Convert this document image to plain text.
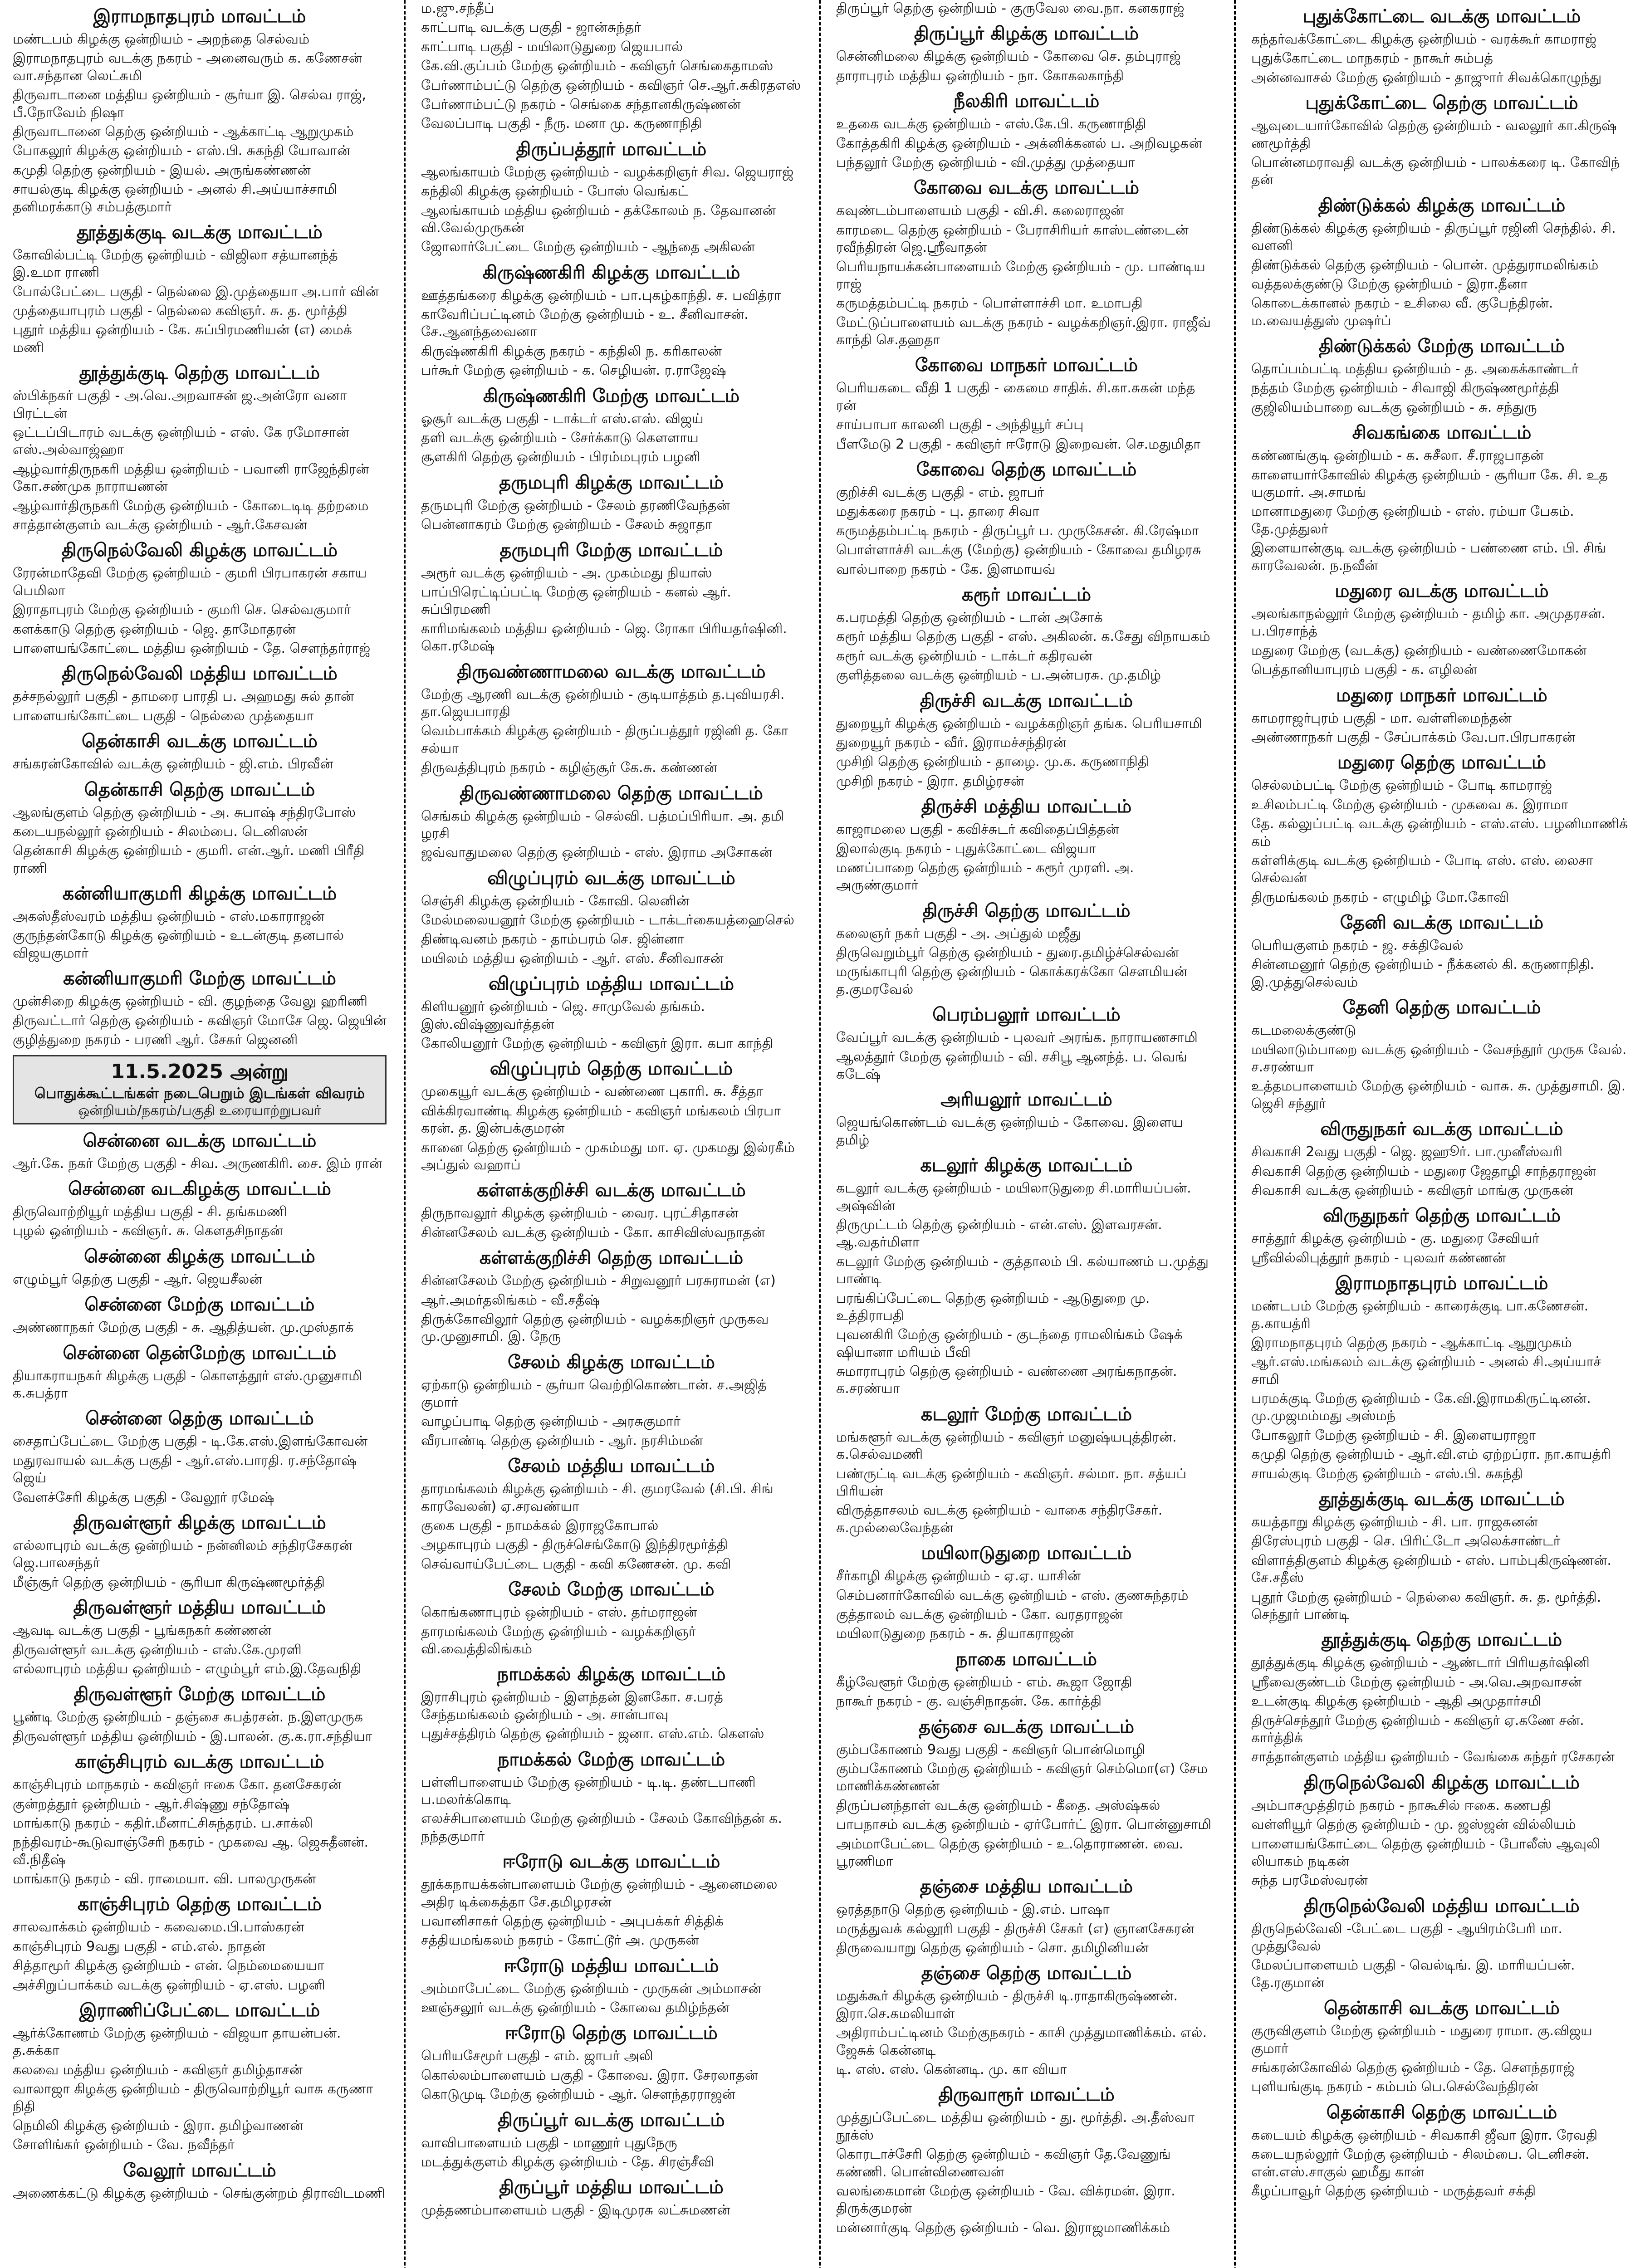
இராமநாதபுரம் மாவட்டம்
மண்டபம் கிழக்கு ஒன்றியம் - அறந்தை செல்வம்
இராமநாதபுரம் வடக்கு நகரம் - அனைவரும் க. கணேசன் வா.சந்தான லெட்சுமி
திருவாடானை மத்திய ஒன்றியம் - சூர்யா இ. செல்வ ராஜ், பீ.நோவேம் நிஷா
திருவாடானை தெற்கு ஒன்றியம் - ஆக்காட்டி ஆறுமுகம்
போகலூர் கிழக்கு ஒன்றியம் - எஸ்.பி. சுகந்தி யோவான்
கமுதி தெற்கு ஒன்றியம் - இயல். அருங்கண்ணன்
சாயல்குடி கிழக்கு ஒன்றியம் - அனல் சி.அய்யாச்சாமி தனிமரக்காடு சம்பத்குமார்
தூத்துக்குடி வடக்கு மாவட்டம்
கோவில்பட்டி மேற்கு ஒன்றியம் - விஜிலா சத்யானந்த் இ.உமா ராணி
போல்பேட்டை பகுதி - நெல்லை இ.முத்தையா அ.பார் வின்
முத்தையாபுரம் பகுதி - நெல்லை கவிஞர். சு. த. மூர்த்தி
புதூர் மத்திய ஒன்றியம் - கே. சுப்பிரமணியன் (எ) மைக் மணி
தூத்துக்குடி தெற்கு மாவட்டம்
ஸ்பிக்நகர் பகுதி - அ.வெ.அறவாசன் ஜ.அன்ரோ வனா பிரட்டன்
ஒட்டப்பிடாரம் வடக்கு ஒன்றியம் - எஸ். கே ரமோசான் எஸ்.அல்வாஜ்ஹா
ஆழ்வார்திருநகரி மத்திய ஒன்றியம் - பவானி ராஜேந்திரன் கோ.சண்முக நாராயணன்
ஆழ்வார்திருநகரி மேற்கு ஒன்றியம் - கோடைடிடி தற்றமை
சாத்தான்குளம் வடக்கு ஒன்றியம் - ஆர்.கேசவன்
திருநெல்வேலி கிழக்கு மாவட்டம்
ரேரன்மாதேவி மேற்கு ஒன்றியம் - குமரி பிரபாகரன் சகாய பெமிலா
இராதாபுரம் மேற்கு ஒன்றியம் - குமரி செ. செல்வகுமார்
களக்காடு தெற்கு ஒன்றியம் - ஜெ. தாமோதரன்
பாளையங்கோட்டை மத்திய ஒன்றியம் - தே. சௌந்தர்ராஜ்
திருநெல்வேலி மத்திய மாவட்டம்
தச்சநல்லூர் பகுதி - தாமரை பாரதி ப. அஹமது சுல் தான்
பாளையங்கோட்டை பகுதி - நெல்லை முத்தையா
தென்காசி வடக்கு மாவட்டம்
சங்கரன்கோவில் வடக்கு ஒன்றியம் - ஜி.எம். பிரவீன்
தென்காசி தெற்கு மாவட்டம்
ஆலங்குளம் தெற்கு ஒன்றியம் - அ. சுபாஷ் சந்திரபோஸ்
கடையநல்லூர் ஒன்றியம் - சிலம்பை. டெனிஸன்
தென்காசி கிழக்கு ஒன்றியம் - குமரி. என்.ஆர். மணி பிரீதி ராணி
கன்னியாகுமரி கிழக்கு மாவட்டம்
அகஸ்தீஸ்வரம் மத்திய ஒன்றியம் - எஸ்.மகாராஜன்
குருந்தன்கோடு கிழக்கு ஒன்றியம் - உடன்குடி தனபால் விஜயகுமார்
கன்னியாகுமரி மேற்கு மாவட்டம்
முன்சிறை கிழக்கு ஒன்றியம் - வி. குழந்தை வேலு ஹரிணி
திருவட்டார் தெற்கு ஒன்றியம் - கவிஞர் மோசே ஜெ. ஜெயின்
குழித்துறை நகரம் - பரணி ஆர். சேகர் ஜெனனி
11.5.2025 அன்று
பொதுக்கூட்டங்கள் நடைபெறும் இடங்கள் விவரம்
ஒன்றியம்/நகரம்/பகுதி உரையாற்றுபவர்
சென்னை வடக்கு மாவட்டம்
ஆர்.கே. நகர் மேற்கு பகுதி - சிவ. அருணகிரி. சை. இம் ரான்
சென்னை வடகிழக்கு மாவட்டம்
திருவொற்றியூர் மத்திய பகுதி - சி. தங்கமணி
புழல் ஒன்றியம் - கவிஞர். சு. கௌதசிநாதன்
சென்னை கிழக்கு மாவட்டம்
எழும்பூர் தெற்கு பகுதி - ஆர். ஜெயசீலன்
சென்னை மேற்கு மாவட்டம்
அண்ணாநகர் மேற்கு பகுதி - சு. ஆதித்யன். மு.முஸ்தாக்
சென்னை தென்மேற்கு மாவட்டம்
தியாகராயநகர் கிழக்கு பகுதி - கொளத்தூர் எஸ்.முனுசாமி க.சுபத்ரா
சென்னை தெற்கு மாவட்டம்
சைதாப்பேட்டை மேற்கு பகுதி - டி.கே.எஸ்.இளங்கோவன்
மதுரவாயல் வடக்கு பகுதி - ஆர்.எஸ்.பாரதி. ர.சந்தோஷ் ஜெய்
வேளச்சேரி கிழக்கு பகுதி - வேலூர் ரமேஷ்
திருவள்ளூர் கிழக்கு மாவட்டம்
எல்லாபுரம் வடக்கு ஒன்றியம் - நன்னிலம் சந்திரசேகரன் ஜெ.பாலசந்தர்
மீஞ்சூர் தெற்கு ஒன்றியம் - சூரியா கிருஷ்ணமூர்த்தி
திருவள்ளூர் மத்திய மாவட்டம்
ஆவடி வடக்கு பகுதி - பூங்கநகர் கண்ணன்
திருவள்ளூர் வடக்கு ஒன்றியம் - எஸ்.கே.முரளி
எல்லாபுரம் மத்திய ஒன்றியம் - எழும்பூர் எம்.இ.தேவநிதி
திருவள்ளூர் மேற்கு மாவட்டம்
பூண்டி மேற்கு ஒன்றியம் - தஞ்சை சுபத்ரசன். ந.இளமுருக
திருவள்ளூர் மத்திய ஒன்றியம் - இ.பாலன். கு.க.ரா.சந்தியா
காஞ்சிபுரம் வடக்கு மாவட்டம்
காஞ்சிபுரம் மாநகரம் - கவிஞர் ஈகை கோ. தனசேகரன்
குன்றத்தூர் ஒன்றியம் - ஆர்.சிஷ்ணு சந்தோஷ்
மாங்காடு நகரம் - கதிர்.மீனாட்சிசுந்தரம். ப.சாக்லி
நந்திவரம்-கூடுவாஞ்சேரி நகரம் - முகவை ஆ. ஜெசுதீனன். வீ.நிதீஷ்
மாங்காடு நகரம் - வி. ராமையா. வி. பாலமுருகன்
காஞ்சிபுரம் தெற்கு மாவட்டம்
சாலவாக்கம் ஒன்றியம் - கவைமை.பி.பாஸ்கரன்
காஞ்சிபுரம் 9வது பகுதி - எம்.எல். நாதன்
சித்தாமூர் கிழக்கு ஒன்றியம் - என். நெம்மையையா
அச்சிறுப்பாக்கம் வடக்கு ஒன்றியம் - ஏ.எஸ். பழனி
இராணிப்பேட்டை மாவட்டம்
ஆர்க்கோணம் மேற்கு ஒன்றியம் - விஜயா தாயன்பன். த.சுக்கா
கலவை மத்திய ஒன்றியம் - கவிஞர் தமிழ்தாசன்
வாலாஜா கிழக்கு ஒன்றியம் - திருவொற்றியூர் வாசு கருணா நிதி
நெமிலி கிழக்கு ஒன்றியம் - இரா. தமிழ்வாணன்
சோளிங்கர் ஒன்றியம் - வே. நவீந்தர்
வேலூர் மாவட்டம்
அணைக்கட்டு கிழக்கு ஒன்றியம் - செங்குன்றம் திராவிடமணி
ம.ஜு.சந்தீப்
காட்பாடி வடக்கு பகுதி - ஜான்சுந்தர்
காட்பாடி பகுதி - மயிலாடுதுறை ஜெயபால்
கே.வி.குப்பம் மேற்கு ஒன்றியம் - கவிஞர் செங்கைதாமஸ்
பேர்ணாம்பட்டு தெற்கு ஒன்றியம் - கவிஞர் செ.ஆர்.சுகிரதஎஸ்
பேர்ணாம்பட்டு நகரம் - செங்கை சந்தானகிருஷ்ணன்
வேலப்பாடி பகுதி - நீரு. மனா மு. கருணாநிதி
திருப்பத்தூர் மாவட்டம்
ஆலங்காயம் மேற்கு ஒன்றியம் - வழக்கறிஞர் சிவ. ஜெயராஜ்
கந்திலி கிழக்கு ஒன்றியம் - போஸ் வெங்கட்
ஆலங்காயம் மத்திய ஒன்றியம் - தக்கோலம் ந. தேவானன் வி.வேல்முருகன்
ஜோலார்பேட்டை மேற்கு ஒன்றியம் - ஆந்தை அகிலன்
கிருஷ்ணகிரி கிழக்கு மாவட்டம்
ஊத்தங்கரை கிழக்கு ஒன்றியம் - பா.புகழ்காந்தி. ச. பவித்ரா
காவேரிப்பட்டினம் மேற்கு ஒன்றியம் - உ. சீனிவாசன். சே.ஆனந்தவைனா
கிருஷ்ணகிரி கிழக்கு நகரம் - கந்திலி ந. கரிகாலன்
பர்கூர் மேற்கு ஒன்றியம் - க. செழியன். ர.ராஜேஷ்
கிருஷ்ணகிரி மேற்கு மாவட்டம்
ஓசூர் வடக்கு பகுதி - டாக்டர் எஸ்.எஸ். விஜய்
தளி வடக்கு ஒன்றியம் - சேர்க்காடு கௌளாய
சூளகிரி தெற்கு ஒன்றியம் - பிரம்மபுரம் பழனி
தருமபுரி கிழக்கு மாவட்டம்
தருமபுரி மேற்கு ஒன்றியம் - சேலம் தரணிவேந்தன்
பென்னாகரம் மேற்கு ஒன்றியம் - சேலம் சுஜாதா
தருமபுரி மேற்கு மாவட்டம்
அரூர் வடக்கு ஒன்றியம் - அ. முகம்மது நியாஸ்
பாப்பிரெட்டிப்பட்டி மேற்கு ஒன்றியம் - கனல் ஆர். சுப்பிரமணி
காரிமங்கலம் மத்திய ஒன்றியம் - ஜெ. ரோகா பிரியதர்ஷினி. கொ.ரமேஷ்
திருவண்ணாமலை வடக்கு மாவட்டம்
மேற்கு ஆரணி வடக்கு ஒன்றியம் - குடியாத்தம் த.புவியரசி. தா.ஜெயபாரதி
வெம்பாக்கம் கிழக்கு ஒன்றியம் - திருப்பத்தூர் ரஜினி த. கோ சல்யா
திருவத்திபுரம் நகரம் - கழிஞ்சூர் கே.சு. கண்ணன்
திருவண்ணாமலை தெற்கு மாவட்டம்
செங்கம் கிழக்கு ஒன்றியம் - செல்வி. பத்மப்பிரியா. அ. தமி ழரசி
ஜவ்வாதுமலை தெற்கு ஒன்றியம் - எஸ். இராம அசோகன்
விழுப்புரம் வடக்கு மாவட்டம்
செஞ்சி கிழக்கு ஒன்றியம் - கோவி. லெனின்
மேல்மலையனூர் மேற்கு ஒன்றியம் - டாக்டர்கையத்ஹைசெல்
திண்டிவனம் நகரம் - தாம்பரம் செ. ஜின்னா
மயிலம் மத்திய ஒன்றியம் - ஆர். எஸ். சீனிவாசன்
விழுப்புரம் மத்திய மாவட்டம்
கிளியனூர் ஒன்றியம் - ஜெ. சாமுவேல் தங்கம். இஸ்.விஷ்ணுவர்த்தன்
கோலியனூர் மேற்கு ஒன்றியம் - கவிஞர் இரா. கபா காந்தி
விழுப்புரம் தெற்கு மாவட்டம்
முகையூர் வடக்கு ஒன்றியம் - வண்ணை புகாரி. சு. சீத்தா
விக்கிரவாண்டி கிழக்கு ஒன்றியம் - கவிஞர் மங்கலம் பிரபா கரன். த. இன்பக்குமரன்
கானை தெற்கு ஒன்றியம் - முகம்மது மா. ஏ. முகமது இல்ரகீம் அப்துல் வஹாப்
கள்ளக்குறிச்சி வடக்கு மாவட்டம்
திருநாவலூர் கிழக்கு ஒன்றியம் - வைர. புரட்சிதாசன்
சின்னசேலம் வடக்கு ஒன்றியம் - கோ. காசிவிஸ்வநாதன்
கள்ளக்குறிச்சி தெற்கு மாவட்டம்
சின்னசேலம் மேற்கு ஒன்றியம் - சிறுவனூர் பரசுராமன் (எ)
ஆர்.அமர்தலிங்கம் - வீ.சதீஷ்
திருக்கோவிலூர் தெற்கு ஒன்றியம் - வழக்கறிஞர் முருகவ மு.முனுசாமி. இ. நேரு
சேலம் கிழக்கு மாவட்டம்
ஏற்காடு ஒன்றியம் - சூர்யா வெற்றிகொண்டான். ச.அஜித் குமார்
வாழப்பாடி தெற்கு ஒன்றியம் - அரசுகுமார்
வீரபாண்டி தெற்கு ஒன்றியம் - ஆர். நரசிம்மன்
சேலம் மத்திய மாவட்டம்
தாரமங்கலம் கிழக்கு ஒன்றியம் - சி. குமரவேல் (சி.பி. சிங் காரவேலன்) ஏ.சரவண்யா
குகை பகுதி - நாமக்கல் இராஜகோபால்
அழகாபுரம் பகுதி - திருச்செங்கோடு இந்திரமூர்த்தி
செவ்வாய்பேட்டை பகுதி - கவி கணேசன். மு. கவி
சேலம் மேற்கு மாவட்டம்
கொங்கணாபுரம் ஒன்றியம் - எஸ். தர்மராஜன்
தாரமங்கலம் மேற்கு ஒன்றியம் - வழக்கறிஞர் வி.வைத்திலிங்கம்
நாமக்கல் கிழக்கு மாவட்டம்
இராசிபுரம் ஒன்றியம் - இளந்தன் இனகோ. ச.பரத் சேந்தமங்கலம் ஒன்றியம் - அ. சான்பாவு
புதுச்சத்திரம் தெற்கு ஒன்றியம் - ஜனா. எஸ்.எம். கௌஸ்
நாமக்கல் மேற்கு மாவட்டம்
பள்ளிபாளையம் மேற்கு ஒன்றியம் - டி.டி. தண்டபாணி ப.மலர்க்கொடி
எலச்சிபாளையம் மேற்கு ஒன்றியம் - சேலம் கோவிந்தன் க. நந்தகுமார்
ஈரோடு வடக்கு மாவட்டம்
தூக்கநாயக்கன்பாளையம் மேற்கு ஒன்றியம் - ஆனைமலை அதிர டிக்கைத்தா சே.தமிழரசன்
பவானிசாகர் தெற்கு ஒன்றியம் - அபுபக்கர் சித்திக்
சத்தியமங்கலம் நகரம் - கோட்டூர் அ. முருகன்
ஈரோடு மத்திய மாவட்டம்
அம்மாபேட்டை மேற்கு ஒன்றியம் - முருகன் அம்மாசன்
ஊஞ்சலூர் வடக்கு ஒன்றியம் - கோவை தமிழ்ந்தன்
ஈரோடு தெற்கு மாவட்டம்
பெரியசேமூர் பகுதி - எம். ஜாபர் அலி
கொல்லம்பாளையம் பகுதி - கோவை. இரா. சேரலாதன்
கொடுமுடி மேற்கு ஒன்றியம் - ஆர். சௌந்தரராஜன்
திருப்பூர் வடக்கு மாவட்டம்
வாவிபாளையம் பகுதி - மாணூர் புதுநேரு
மடத்துக்குளம் கிழக்கு ஒன்றியம் - தே. சிரஞ்சீவி
திருப்பூர் மத்திய மாவட்டம்
முத்தணம்பாளையம் பகுதி - இடிமுரசு லட்சுமணன்
திருப்பூர் தெற்கு ஒன்றியம் - குருவேல வை.நா. கனகராஜ்
திருப்பூர் கிழக்கு மாவட்டம்
சென்னிமலை கிழக்கு ஒன்றியம் - கோவை செ. தம்புராஜ்
தாராபுரம் மத்திய ஒன்றியம் - நா. கோகலகாந்தி
நீலகிரி மாவட்டம்
உதகை வடக்கு ஒன்றியம் - எஸ்.கே.பி. கருணாநிதி
கோத்தகிரி கிழக்கு ஒன்றியம் - அக்னிக்கனல் ப. அறிவழகன்
பந்தலூர் மேற்கு ஒன்றியம் - வி.முத்து முத்தையா
கோவை வடக்கு மாவட்டம்
கவுண்டம்பாளையம் பகுதி - வி.சி. கலைராஜன்
காரமடை தெற்கு ஒன்றியம் - பேராசிரியர் காஸ்டண்டைன் ரவீந்திரன் ஜெ.ஸ்ரீவாதன்
பெரியநாயக்கன்பாளையம் மேற்கு ஒன்றியம் - மு. பாண்டிய ராஜ்
கருமத்தம்பட்டி நகரம் - பொள்ளாச்சி மா. உமாபதி
மேட்டுப்பாளையம் வடக்கு நகரம் - வழக்கறிஞர்.இரா. ராஜீவ் காந்தி செ.தஹதா
கோவை மாநகர் மாவட்டம்
பெரியகடை வீதி 1 பகுதி - கைமை சாதிக். சி.கா.சுகன் மந்த ரன்
சாய்பாபா காலனி பகுதி - அந்தியூர் சப்பு
பீளமேடு 2 பகுதி - கவிஞர் ஈரோடு இறைவன். செ.மதுமிதா
கோவை தெற்கு மாவட்டம்
குறிச்சி வடக்கு பகுதி - எம். ஜாபர்
மதுக்கரை நகரம் - பு. தாரை சிவா
கருமத்தம்பட்டி நகரம் - திருப்பூர் ப. முருகேசன். கி.ரேஷ்மா
பொள்ளாச்சி வடக்கு (மேற்கு) ஒன்றியம் - கோவை தமிழரசு
வால்பாறை நகரம் - கே. இளமாயவ்
கரூர் மாவட்டம்
க.பரமத்தி தெற்கு ஒன்றியம் - டான் அசோக்
கரூர் மத்திய தெற்கு பகுதி - எஸ். அகிலன். க.சேது விநாயகம்
கரூர் வடக்கு ஒன்றியம் - டாக்டர் கதிரவன்
குளித்தலை வடக்கு ஒன்றியம் - ப.அன்பரசு. மு.தமிழ்
திருச்சி வடக்கு மாவட்டம்
துறையூர் கிழக்கு ஒன்றியம் - வழக்கறிஞர் தங்க. பெரியசாமி
துறையூர் நகரம் - வீர். இராமச்சந்திரன்
முசிறி தெற்கு ஒன்றியம் - தாழை. மு.க. கருணாநிதி
முசிறி நகரம் - இரா. தமிழ்ரசன்
திருச்சி மத்திய மாவட்டம்
காஜாமலை பகுதி - கவிச்சுடர் கவிதைப்பித்தன்
இலால்குடி நகரம் - புதுக்கோட்டை விஜயா
மணப்பாறை தெற்கு ஒன்றியம் - கரூர் முரளி. அ. அருண்குமார்
திருச்சி தெற்கு மாவட்டம்
கலைஞர் நகர் பகுதி - அ. அப்துல் மஜீது
திருவெறும்பூர் தெற்கு ஒன்றியம் - துரை.தமிழ்ச்செல்வன்
மருங்காபுரி தெற்கு ஒன்றியம் - கொக்கரக்கோ சௌமியன் த.குமரவேல்
பெரம்பலூர் மாவட்டம்
வேப்பூர் வடக்கு ஒன்றியம் - புலவர் அரங்க. நாராயணசாமி
ஆலத்தூர் மேற்கு ஒன்றியம் - வி. சசிபூ ஆனந்த். ப. வெங் கடேஷ்
அரியலூர் மாவட்டம்
ஜெயங்கொண்டம் வடக்கு ஒன்றியம் - கோவை. இளைய தமிழ்
கடலூர் கிழக்கு மாவட்டம்
கடலூர் வடக்கு ஒன்றியம் - மயிலாடுதுறை சி.மாரியப்பன். அஷ்வின்
திருமுட்டம் தெற்கு ஒன்றியம் - என்.எஸ். இளவரசன். ஆ.வதர்மிளா
கடலூர் மேற்கு ஒன்றியம் - குத்தாலம் பி. கல்யாணம் ப.முத்து பாண்டி
பரங்கிப்பேட்டை தெற்கு ஒன்றியம் - ஆடுதுறை மு. உத்திராபதி
புவனகிரி மேற்கு ஒன்றியம் - குடந்தை ராமலிங்கம் ஷேக் ஷியானா மரியம் பீவி
சுமாராபுரம் தெற்கு ஒன்றியம் - வண்ணை அரங்கநாதன். க.சரண்யா
கடலூர் மேற்கு மாவட்டம்
மங்களூர் வடக்கு ஒன்றியம் - கவிஞர் மனுஷ்யபுத்திரன். க.செல்வமணி
பண்ருட்டி வடக்கு ஒன்றியம் - கவிஞர். சல்மா. நா. சத்யப் பிரியன்
விருத்தாசலம் வடக்கு ஒன்றியம் - வாகை சந்திரசேகர். க.முல்லைவேந்தன்
மயிலாடுதுறை மாவட்டம்
சீர்காழி கிழக்கு ஒன்றியம் - ஏ.ஏ. யாசின்
செம்பனார்கோவில் வடக்கு ஒன்றியம் - எஸ். குணசுந்தரம்
குத்தாலம் வடக்கு ஒன்றியம் - கோ. வரதராஜன்
மயிலாடுதுறை நகரம் - சு. தியாகராஜன்
நாகை மாவட்டம்
கீழ்வேளூர் மேற்கு ஒன்றியம் - எம். கூஜா ஜோதி
நாகூர் நகரம் - கு. வஞ்சிநாதன். கே. கார்த்தி
தஞ்சை வடக்கு மாவட்டம்
கும்பகோணம் 9வது பகுதி - கவிஞர் பொன்மொழி
கும்பகோணம் மேற்கு ஒன்றியம் - கவிஞர் செம்மொ(எ) சேம மாணிக்கண்ணன்
திருப்பனந்தாள் வடக்கு ஒன்றியம் - கீதை. அஸ்ஷ்கல்
பாபநாசம் வடக்கு ஒன்றியம் - ஏர்போர்ட் இரா. பொன்னுசாமி
அம்மாபேட்டை தெற்கு ஒன்றியம் - உ.தொராணன். வை. பூரணிமா
தஞ்சை மத்திய மாவட்டம்
ஒரத்தநாடு தெற்கு ஒன்றியம் - இ.எம். பாஷா
மருத்துவக் கல்லூரி பகுதி - திருச்சி சேகர் (எ) ஞானசேகரன்
திருவையாறு தெற்கு ஒன்றியம் - சொ. தமிழினியன்
தஞ்சை தெற்கு மாவட்டம்
மதுக்கூர் கிழக்கு ஒன்றியம் - திருச்சி டி.ராதாகிருஷ்ணன். இரா.செ.கமலியாள்
அதிராம்பட்டினம் மேற்குநகரம் - காசி முத்துமாணிக்கம். எல். ஜேசுக் கென்னடி
டி. எஸ். எஸ். கென்னடி. மு. கா வியா
திருவாரூர் மாவட்டம்
முத்துப்பேட்டை மத்திய ஒன்றியம் - து. மூர்த்தி. அ.தீஸ்வா நூக்ஸ்
கொரடாச்சேரி தெற்கு ஒன்றியம் - கவிஞர் தே.வேணுங் கண்ணி. பொன்விணைவன்
வலங்கைமான் மேற்கு ஒன்றியம் - வே. விக்ரமன். இரா. திருக்குமரன்
மன்னார்குடி தெற்கு ஒன்றியம் - வெ. இராஜமாணிக்கம்
புதுக்கோட்டை வடக்கு மாவட்டம்
கந்தர்வக்கோட்டை கிழக்கு ஒன்றியம் - வரக்கூர் காமராஜ்
புதுக்கோட்டை மாநகரம் - நாகூர் சும்பத்
அன்னவாசல் மேற்கு ஒன்றியம் - தாஜுார் சிவக்கொழுந்து
புதுக்கோட்டை தெற்கு மாவட்டம்
ஆவுடையார்கோவில் தெற்கு ஒன்றியம் - வலலூர் கா.கிருஷ் ணமூர்த்தி
பொன்னமராவதி வடக்கு ஒன்றியம் - பாலக்கரை டி. கோவிந் தன்
திண்டுக்கல் கிழக்கு மாவட்டம்
திண்டுக்கல் கிழக்கு ஒன்றியம் - திருப்பூர் ரஜினி செந்தில். சி. வளனி
திண்டுக்கல் தெற்கு ஒன்றியம் - பொன். முத்துராமலிங்கம்
வத்தலக்குண்டு மேற்கு ஒன்றியம் - இரா.தீனா
கொடைக்கானல் நகரம் - உசிலை வீ. குபேந்திரன். ம.வையத்துஸ் முஷர்ப்
திண்டுக்கல் மேற்கு மாவட்டம்
தொப்பம்பட்டி மத்திய ஒன்றியம் - த. அகைக்காண்டர்
நத்தம் மேற்கு ஒன்றியம் - சிவாஜி கிருஷ்ணமூர்த்தி
குஜிலியம்பாறை வடக்கு ஒன்றியம் - சு. சந்துரு
சிவகங்கை மாவட்டம்
கண்ணங்குடி ஒன்றியம் - க. சுசீலா. சீ.ராஜபாதன்
காளையார்கோவில் கிழக்கு ஒன்றியம் - சூரியா கே. சி. உத யகுமார். அ.சாமங்
மானாமதுரை மேற்கு ஒன்றியம் - எஸ். ரம்யா பேகம். தே.முத்துலர்
இளையான்குடி வடக்கு ஒன்றியம் - பண்ணை எம். பி. சிங் காரவேலன். ந.நவீன்
மதுரை வடக்கு மாவட்டம்
அலங்காநல்லூர் மேற்கு ஒன்றியம் - தமிழ் கா. அமுதரசன். ப.பிரசாந்த்
மதுரை மேற்கு (வடக்கு) ஒன்றியம் - வண்ணைமோகன்
பெத்தானியாபுரம் பகுதி - க. எழிலன்
மதுரை மாநகர் மாவட்டம்
காமராஜர்புரம் பகுதி - மா. வள்ளிமைந்தன்
அண்ணாநகர் பகுதி - சேப்பாக்கம் வே.பா.பிரபாகரன்
மதுரை தெற்கு மாவட்டம்
செல்லம்பட்டி மேற்கு ஒன்றியம் - போடி காமராஜ்
உசிலம்பட்டி மேற்கு ஒன்றியம் - முகவை க. இராமா
தே. கல்லுப்பட்டி வடக்கு ஒன்றியம் - எஸ்.எஸ். பழனிமாணிக் கம்
கள்ளிக்குடி வடக்கு ஒன்றியம் - போடி எஸ். எஸ். லைசா செல்வன்
திருமங்கலம் நகரம் - எழுமிழ் மோ.கோவி
தேனி வடக்கு மாவட்டம்
பெரியகுளம் நகரம் - ஜ. சக்திவேல்
சின்னமனூர் தெற்கு ஒன்றியம் - நீக்கனல் கி. கருணாநிதி. இ.முத்துசெல்வம்
தேனி தெற்கு மாவட்டம்
கடமலைக்குண்டு
மயிலாடும்பாறை வடக்கு ஒன்றியம் - வேசந்தூர் முருக வேல். ச.சரண்யா
உத்தமபாளையம் மேற்கு ஒன்றியம் - வாசு. சு. முத்துசாமி. இ. ஜெசி சந்தூர்
விருதுநகர் வடக்கு மாவட்டம்
சிவகாசி 2வது பகுதி - ஜெ. ஜஹூர். பா.முனீஸ்வரி
சிவகாசி தெற்கு ஒன்றியம் - மதுரை ஜேதாழி சாந்தராஜன்
சிவகாசி வடக்கு ஒன்றியம் - கவிஞர் மாங்கு முருகன்
விருதுநகர் தெற்கு மாவட்டம்
சாத்தூர் கிழக்கு ஒன்றியம் - கு. மதுரை சேவியர்
ஸ்ரீவில்லிபுத்தூர் நகரம் - புலவர் கண்ணன்
இராமநாதபுரம் மாவட்டம்
மண்டபம் மேற்கு ஒன்றியம் - காரைக்குடி பா.கணேசன். த.காயத்ரி
இராமநாதபுரம் தெற்கு நகரம் - ஆக்காட்டி ஆறுமுகம்
ஆர்.எஸ்.மங்கலம் வடக்கு ஒன்றியம் - அனல் சி.அய்யாச் சாமி
பரமக்குடி மேற்கு ஒன்றியம் - கே.வி.இராமகிருட்டினன். மு.முஜமம்மது அஸ்மந்
போகலூர் மேற்கு ஒன்றியம் - சி. இளையராஜா
கமுதி தெற்கு ஒன்றியம் - ஆர்.வி.எம் ஏற்றப்ரா. நா.காயத்ரி
சாயல்குடி மேற்கு ஒன்றியம் - எஸ்.பி. சுகந்தி
தூத்துக்குடி வடக்கு மாவட்டம்
கயத்தாறு கிழக்கு ஒன்றியம் - சி. பா. ராஜசுனன்
திரேஸ்புரம் பகுதி - செ. பிரிட்டோ அலெக்சாண்டர்
விளாத்திகுளம் கிழக்கு ஒன்றியம் - எஸ். பாம்புகிருஷ்ணன். சே.சதீஸ்
புதூர் மேற்கு ஒன்றியம் - நெல்லை கவிஞர். சு. த. மூர்த்தி. செந்தூர் பாண்டி
தூத்துக்குடி தெற்கு மாவட்டம்
தூத்துக்குடி கிழக்கு ஒன்றியம் - ஆண்டார் பிரியதர்ஷினி
ஸ்ரீவைகுண்டம் மேற்கு ஒன்றியம் - அ.வெ.அறவாசன்
உடன்குடி கிழக்கு ஒன்றியம் - ஆதி அமுதார்சமி
திருச்செந்தூர் மேற்கு ஒன்றியம் - கவிஞர் ஏ.கணே சன். கார்த்திக்
சாத்தான்குளம் மத்திய ஒன்றியம் - வேங்கை சுந்தர் ரசேகரன்
திருநெல்வேலி கிழக்கு மாவட்டம்
அம்பாசமுத்திரம் நகரம் - நாகூசில் ஈகை. கணபதி
வள்ளியூர் தெற்கு ஒன்றியம் - மு. ஜஸ்ஜன் வில்லியம்
பாளையங்கோட்டை தெற்கு ஒன்றியம் - போலீஸ் ஆவுலி லியாகம் நடிகன்
சுந்த பரமேஸ்வரன்
திருநெல்வேலி மத்திய மாவட்டம்
திருநெல்வேலி -பேட்டை பகுதி - ஆயிரம்பேரி மா. முத்துவேல்
மேலப்பாளையம் பகுதி - வெல்டிங். இ. மாரியப்பன். தே.ரகுமான்
தென்காசி வடக்கு மாவட்டம்
குருவிகுளம் மேற்கு ஒன்றியம் - மதுரை ராமா. கு.விஜய குமார்
சங்கரன்கோவில் தெற்கு ஒன்றியம் - தே. சௌந்தராஜ்
புளியங்குடி நகரம் - கம்பம் பெ.செல்வேந்திரன்
தென்காசி தெற்கு மாவட்டம்
கடையம் கிழக்கு ஒன்றியம் - சிவகாசி ஜீவா இரா. ரேவதி
கடையநல்லூர் மேற்கு ஒன்றியம் - சிலம்பை. டெனிசன். என்.எஸ்.சாகுல் ஹமீது கான்
கீழப்பாவூர் தெற்கு ஒன்றியம் - மருத்தவர் சக்தி
